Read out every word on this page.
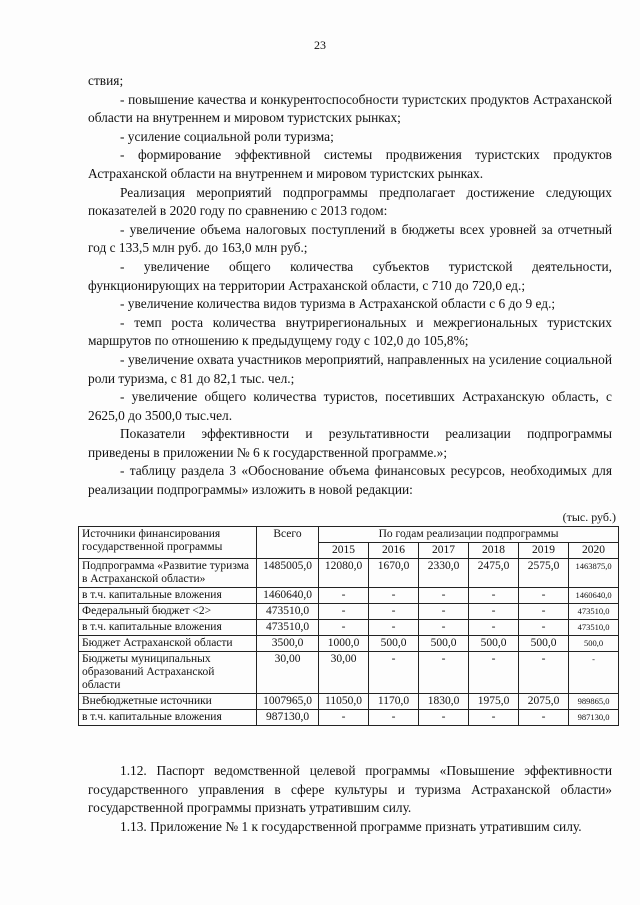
23

ствия;

- повышение качества и конкурентоспособности туристских продуктов Астраханской области на внутреннем и мировом туристских рынках;

- усиление социальной роли туризма;

- формирование эффективной системы продвижения туристских продуктов Астраханской области на внутреннем и мировом туристских рынках.

Реализация мероприятий подпрограммы предполагает достижение следующих показателей в 2020 году по сравнению с 2013 годом:

- увеличение объема налоговых поступлений в бюджеты всех уровней за отчетный год с 133,5 млн руб. до 163,0 млн руб.;

- увеличение общего количества субъектов туристской деятельности, функционирующих на территории Астраханской области, с 710 до 720,0 ед.;

- увеличение количества видов туризма в Астраханской области с 6 до 9 ед.;

- темп роста количества внутрирегиональных и межрегиональных туристских маршрутов по отношению к предыдущему году с 102,0 до 105,8%;

- увеличение охвата участников мероприятий, направленных на усиление социальной роли туризма, с 81 до 82,1 тыс. чел.;

- увеличение общего количества туристов, посетивших Астраханскую область, с 2625,0 до 3500,0 тыс.чел.

Показатели эффективности и результативности реализации подпрограммы приведены в приложении № 6 к государственной программе.»;

- таблицу раздела 3 «Обоснование объема финансовых ресурсов, необходимых для реализации подпрограммы» изложить в новой редакции:

(тыс. руб.)
Источники финансирования государственной программы	Всего	По годам реализации подпрограммы					
		2015	2016	2017	2018	2019	2020
Подпрограмма «Развитие туризма в Астраханской области»	1485005,0	12080,0	1670,0	2330,0	2475,0	2575,0	1463875,0
в т.ч. капитальные вложения	1460640,0	-	-	-	-	-	1460640,0
Федеральный бюджет <2>	473510,0	-	-	-	-	-	473510,0
в т.ч. капитальные вложения	473510,0	-	-	-	-	-	473510,0
Бюджет Астраханской области	3500,0	1000,0	500,0	500,0	500,0	500,0	500,0
Бюджеты муниципальных образований Астраханской области	30,00	30,00	-	-	-	-	-
Внебюджетные источники	1007965,0	11050,0	1170,0	1830,0	1975,0	2075,0	989865,0
в т.ч. капитальные вложения	987130,0	-	-	-	-	-	987130,0

1.12. Паспорт ведомственной целевой программы «Повышение эффективности государственного управления в сфере культуры и туризма Астраханской области» государственной программы признать утратившим силу.

1.13. Приложение № 1 к государственной программе признать утратившим силу.
